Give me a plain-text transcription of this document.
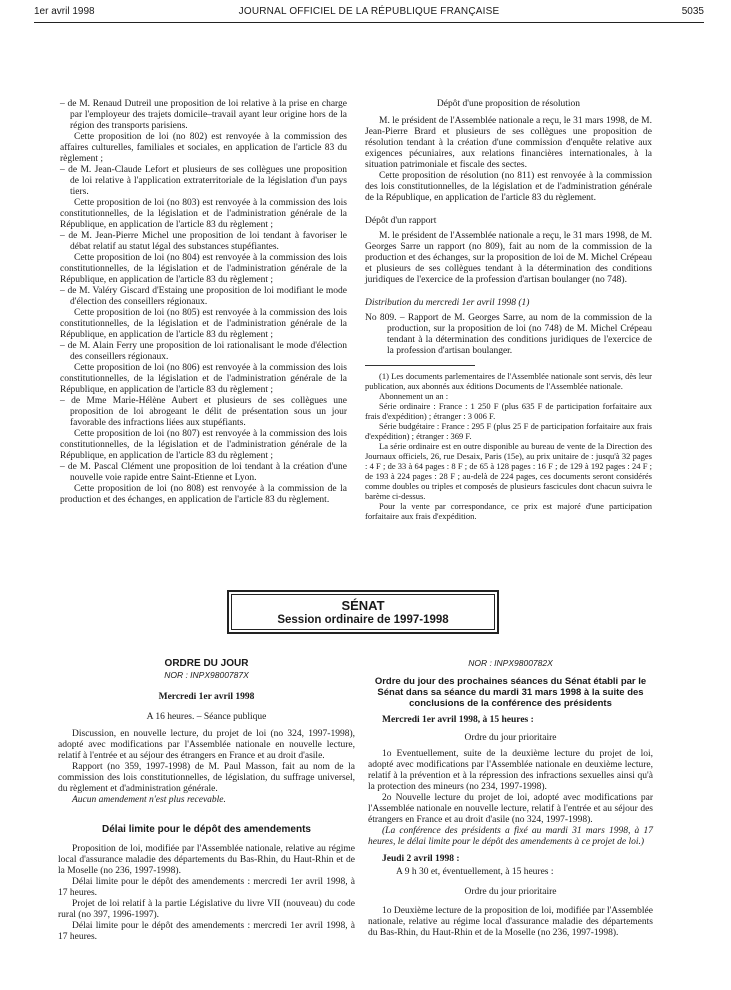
1er avril 1998	JOURNAL OFFICIEL DE LA RÉPUBLIQUE FRANÇAISE	5035

– de M. Renaud Dutreil une proposition de loi relative à la prise en charge par l'employeur des trajets domicile–travail ayant leur origine hors de la région des transports parisiens.

Cette proposition de loi (no 802) est renvoyée à la commission des affaires culturelles, familiales et sociales, en application de l'article 83 du règlement ;

– de M. Jean-Claude Lefort et plusieurs de ses collègues une proposition de loi relative à l'application extraterritoriale de la législation d'un pays tiers.

Cette proposition de loi (no 803) est renvoyée à la commission des lois constitutionnelles, de la législation et de l'administration générale de la République, en application de l'article 83 du règlement ;

– de M. Jean-Pierre Michel une proposition de loi tendant à favoriser le débat relatif au statut légal des substances stupéfiantes.

Cette proposition de loi (no 804) est renvoyée à la commission des lois constitutionnelles, de la législation et de l'administration générale de la République, en application de l'article 83 du règlement ;

– de M. Valéry Giscard d'Estaing une proposition de loi modifiant le mode d'élection des conseillers régionaux.

Cette proposition de loi (no 805) est renvoyée à la commission des lois constitutionnelles, de la législation et de l'administration générale de la République, en application de l'article 83 du règlement ;

– de M. Alain Ferry une proposition de loi rationalisant le mode d'élection des conseillers régionaux.

Cette proposition de loi (no 806) est renvoyée à la commission des lois constitutionnelles, de la législation et de l'administration générale de la République, en application de l'article 83 du règlement ;

– de Mme Marie-Hélène Aubert et plusieurs de ses collègues une proposition de loi abrogeant le délit de présentation sous un jour favorable des infractions liées aux stupéfiants.

Cette proposition de loi (no 807) est renvoyée à la commission des lois constitutionnelles, de la législation et de l'administration générale de la République, en application de l'article 83 du règlement ;

– de M. Pascal Clément une proposition de loi tendant à la création d'une nouvelle voie rapide entre Saint-Etienne et Lyon.

Cette proposition de loi (no 808) est renvoyée à la commission de la production et des échanges, en application de l'article 83 du règlement.

Dépôt d'une proposition de résolution

M. le président de l'Assemblée nationale a reçu, le 31 mars 1998, de M. Jean-Pierre Brard et plusieurs de ses collègues une proposition de résolution tendant à la création d'une commission d'enquête relative aux exigences pécuniaires, aux relations financières internationales, à la situation patrimoniale et fiscale des sectes.

Cette proposition de résolution (no 811) est renvoyée à la commission des lois constitutionnelles, de la législation et de l'administration générale de la République, en application de l'article 83 du règlement.

Dépôt d'un rapport

M. le président de l'Assemblée nationale a reçu, le 31 mars 1998, de M. Georges Sarre un rapport (no 809), fait au nom de la commission de la production et des échanges, sur la proposition de loi de M. Michel Crépeau et plusieurs de ses collègues tendant à la détermination des conditions juridiques de l'exercice de la profession d'artisan boulanger (no 748).

Distribution du mercredi 1er avril 1998 (1)

No 809. – Rapport de M. Georges Sarre, au nom de la commission de la production, sur la proposition de loi (no 748) de M. Michel Crépeau tendant à la détermination des conditions juridiques de l'exercice de la profession d'artisan boulanger.

(1) Les documents parlementaires de l'Assemblée nationale sont servis, dès leur publication, aux abonnés aux éditions Documents de l'Assemblée nationale.

Abonnement un an :

Série ordinaire : France : 1 250 F (plus 635 F de participation forfaitaire aux frais d'expédition) ; étranger : 3 006 F.

Série budgétaire : France : 295 F (plus 25 F de participation forfaitaire aux frais d'expédition) ; étranger : 369 F.

La série ordinaire est en outre disponible au bureau de vente de la Direction des Journaux officiels, 26, rue Desaix, Paris (15e), au prix unitaire de : jusqu'à 32 pages : 4 F ; de 33 à 64 pages : 8 F ; de 65 à 128 pages : 16 F ; de 129 à 192 pages : 24 F ; de 193 à 224 pages : 28 F ; au-delà de 224 pages, ces documents seront considérés comme doubles ou triples et composés de plusieurs fascicules dont chacun suivra le barème ci-dessus.

Pour la vente par correspondance, ce prix est majoré d'une participation forfaitaire aux frais d'expédition.

SÉNAT
Session ordinaire de 1997-1998

ORDRE DU JOUR

NOR : INPX9800787X

Mercredi 1er avril 1998

A 16 heures. – Séance publique

Discussion, en nouvelle lecture, du projet de loi (no 324, 1997-1998), adopté avec modifications par l'Assemblée nationale en nouvelle lecture, relatif à l'entrée et au séjour des étrangers en France et au droit d'asile.

Rapport (no 359, 1997-1998) de M. Paul Masson, fait au nom de la commission des lois constitutionnelles, de législation, du suffrage universel, du règlement et d'administration générale.

Aucun amendement n'est plus recevable.

Délai limite pour le dépôt des amendements

Proposition de loi, modifiée par l'Assemblée nationale, relative au régime local d'assurance maladie des départements du Bas-Rhin, du Haut-Rhin et de la Moselle (no 236, 1997-1998).

Délai limite pour le dépôt des amendements : mercredi 1er avril 1998, à 17 heures.

Projet de loi relatif à la partie Législative du livre VII (nouveau) du code rural (no 397, 1996-1997).

Délai limite pour le dépôt des amendements : mercredi 1er avril 1998, à 17 heures.

NOR : INPX9800782X

Ordre du jour des prochaines séances du Sénat établi par le Sénat dans sa séance du mardi 31 mars 1998 à la suite des conclusions de la conférence des présidents

Mercredi 1er avril 1998, à 15 heures :

Ordre du jour prioritaire

1o Eventuellement, suite de la deuxième lecture du projet de loi, adopté avec modifications par l'Assemblée nationale en deuxième lecture, relatif à la prévention et à la répression des infractions sexuelles ainsi qu'à la protection des mineurs (no 234, 1997-1998).

2o Nouvelle lecture du projet de loi, adopté avec modifications par l'Assemblée nationale en nouvelle lecture, relatif à l'entrée et au séjour des étrangers en France et au droit d'asile (no 324, 1997-1998).

(La conférence des présidents a fixé au mardi 31 mars 1998, à 17 heures, le délai limite pour le dépôt des amendements à ce projet de loi.)

Jeudi 2 avril 1998 :

A 9 h 30 et, éventuellement, à 15 heures :

Ordre du jour prioritaire

1o Deuxième lecture de la proposition de loi, modifiée par l'Assemblée nationale, relative au régime local d'assurance maladie des départements du Bas-Rhin, du Haut-Rhin et de la Moselle (no 236, 1997-1998).
